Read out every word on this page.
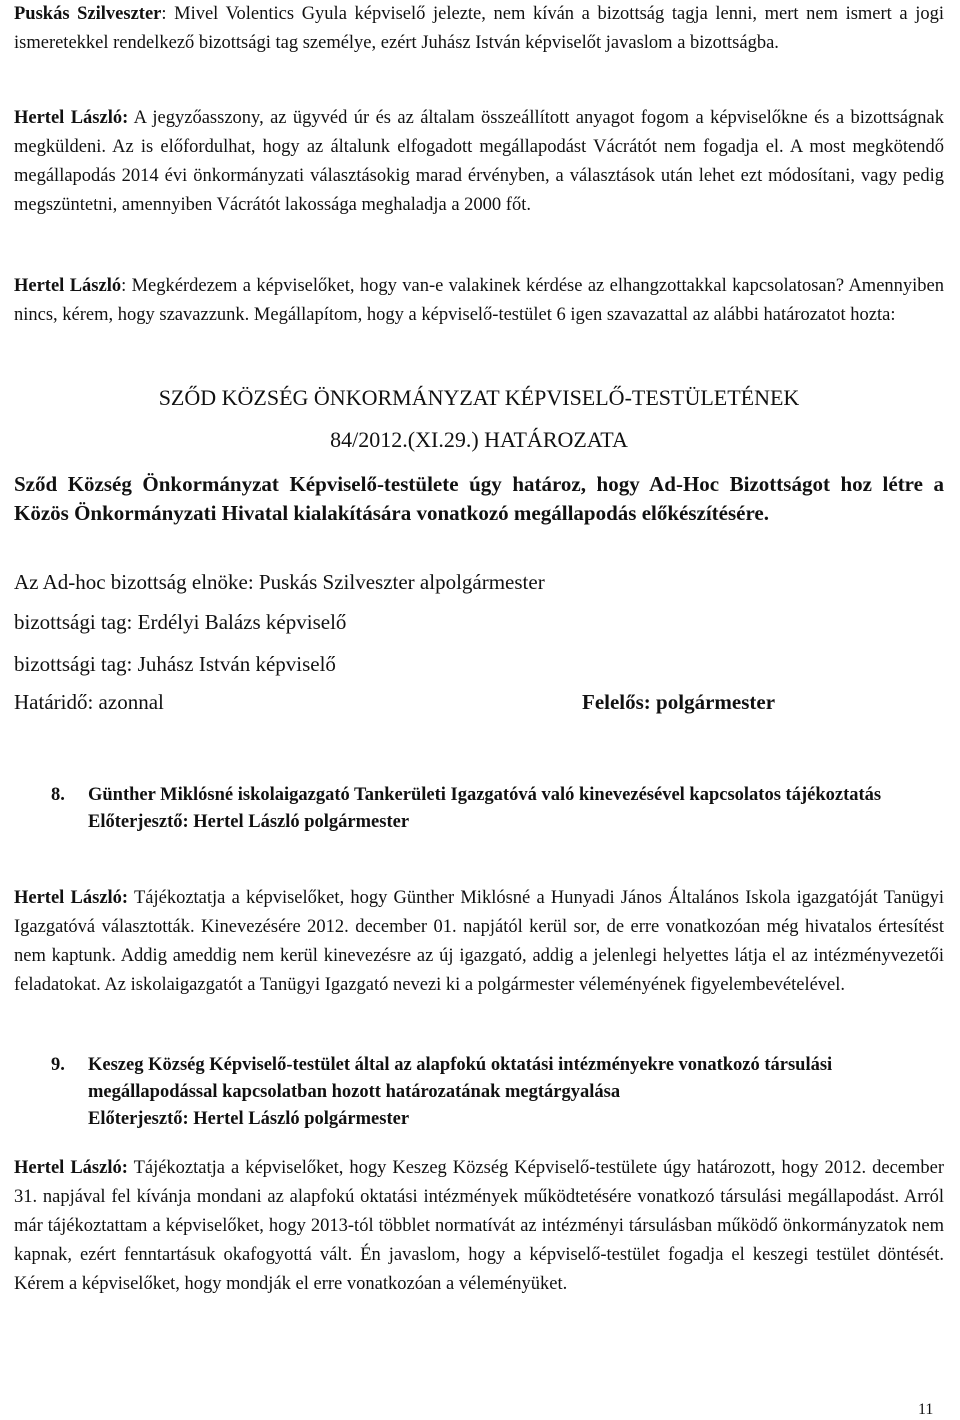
Puskás Szilveszter: Mivel Volentics Gyula képviselő jelezte, nem kíván a bizottság tagja lenni, mert nem ismert a jogi ismeretekkel rendelkező bizottsági tag személye, ezért Juhász István képviselőt javaslom a bizottságba.

Hertel László: A jegyzőasszony, az ügyvéd úr és az általam összeállított anyagot fogom a képviselőkne és a bizottságnak megküldeni. Az is előfordulhat, hogy az általunk elfogadott megállapodást Vácrátót nem fogadja el. A most megkötendő megállapodás 2014 évi önkormányzati választásokig marad érvényben, a választások után lehet ezt módosítani, vagy pedig megszüntetni, amennyiben Vácrátót lakossága meghaladja a 2000 főt.

Hertel László: Megkérdezem a képviselőket, hogy van-e valakinek kérdése az elhangzottakkal kapcsolatosan? Amennyiben nincs, kérem, hogy szavazzunk. Megállapítom, hogy a képviselő-testület 6 igen szavazattal az alábbi határozatot hozta:

SZŐD KÖZSÉG ÖNKORMÁNYZAT KÉPVISELŐ-TESTÜLETÉNEK
84/2012.(XI.29.) HATÁROZATA

Sződ Község Önkormányzat Képviselő-testülete úgy határoz, hogy Ad-Hoc Bizottságot hoz létre a Közös Önkormányzati Hivatal kialakítására vonatkozó megállapodás előkészítésére.

Az Ad-hoc bizottság elnöke: Puskás Szilveszter alpolgármester
bizottsági tag: Erdélyi Balázs képviselő
bizottsági tag: Juhász István képviselő
Határidő: azonnal	Felelős: polgármester
8. Günther Miklósné iskolaigazgató Tankerületi Igazgatóvá való kinevezésével kapcsolatos tájékoztatás
Előterjesztő: Hertel László polgármester

Hertel László: Tájékoztatja a képviselőket, hogy Günther Miklósné a Hunyadi János Általános Iskola igazgatóját Tanügyi Igazgatóvá választották. Kinevezésére 2012. december 01. napjától kerül sor, de erre vonatkozóan még hivatalos értesítést nem kaptunk. Addig ameddig nem kerül kinevezésre az új igazgató, addig a jelenlegi helyettes látja el az intézményvezetői feladatokat. Az iskolaigazgatót a Tanügyi Igazgató nevezi ki a polgármester véleményének figyelembevételével.

9. Keszeg Község Képviselő-testület által az alapfokú oktatási intézményekre vonatkozó társulási megállapodással kapcsolatban hozott határozatának megtárgyalása
Előterjesztő: Hertel László polgármester

Hertel László: Tájékoztatja a képviselőket, hogy Keszeg Község Képviselő-testülete úgy határozott, hogy 2012. december 31. napjával fel kívánja mondani az alapfokú oktatási intézmények működtetésére vonatkozó társulási megállapodást. Arról már tájékoztattam a képviselőket, hogy 2013-tól többlet normatívát az intézményi társulásban működő önkormányzatok nem kapnak, ezért fenntartásuk okafogyottá vált. Én javaslom, hogy a képviselő-testület fogadja el keszegi testület döntését. Kérem a képviselőket, hogy mondják el erre vonatkozóan a véleményüket.

11
